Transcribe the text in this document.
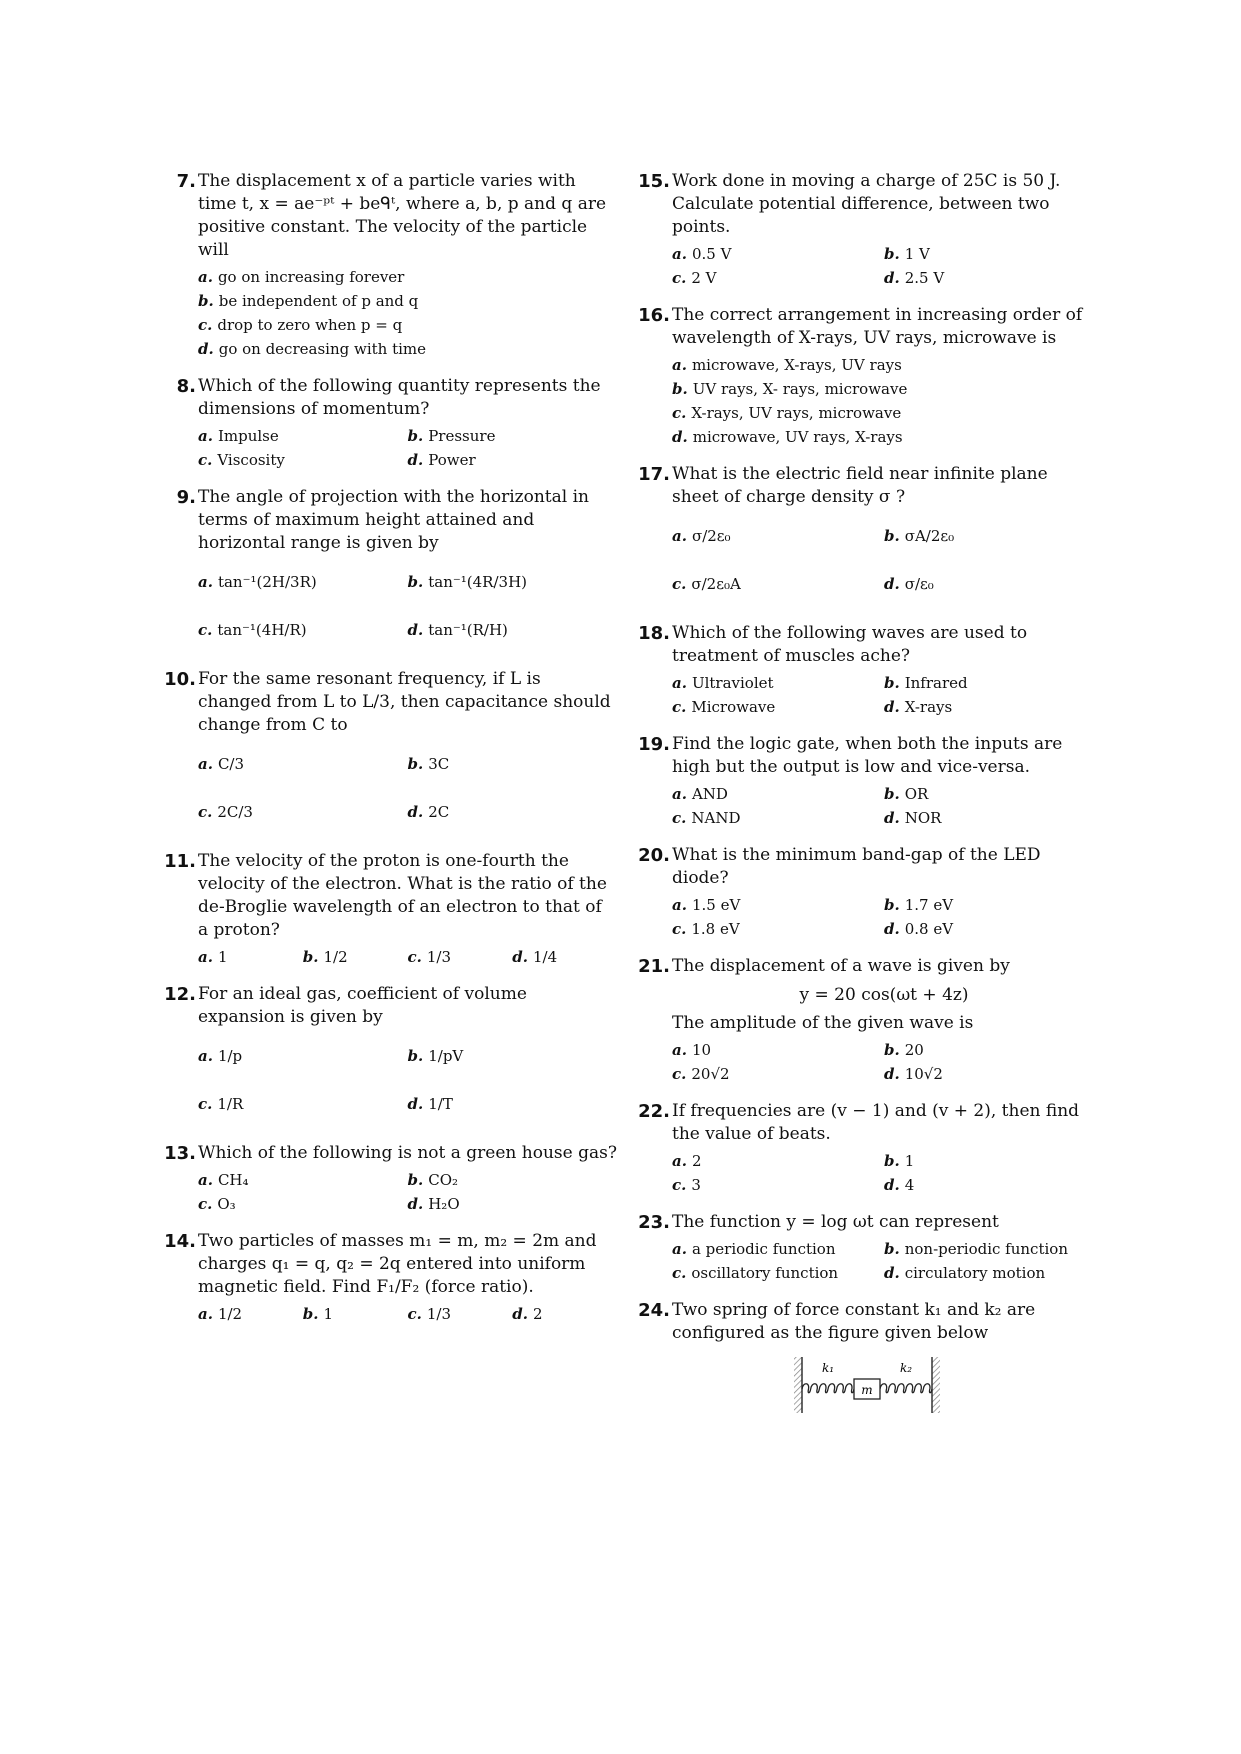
7. The displacement x of a particle varies with time t, x = ae⁻ᵖᵗ + beᑫᵗ, where a, b, p and q are positive constant. The velocity of the particle will
a. go on increasing forever
b. be independent of p and q
c. drop to zero when p = q
d. go on decreasing with time
8. Which of the following quantity represents the dimensions of momentum?
a. Impulse	b. Pressure
c. Viscosity	d. Power
9. The angle of projection with the horizontal in terms of maximum height attained and horizontal range is given by
a. tan⁻¹(2H/3R)	b. tan⁻¹(4R/3H)
c. tan⁻¹(4H/R)	d. tan⁻¹(R/H)
10. For the same resonant frequency, if L is changed from L to L/3, then capacitance should change from C to
a. C/3	b. 3C
c. 2C/3	d. 2C
11. The velocity of the proton is one-fourth the velocity of the electron. What is the ratio of the de-Broglie wavelength of an electron to that of a proton?
a. 1	b. 1/2	c. 1/3	d. 1/4
12. For an ideal gas, coefficient of volume expansion is given by
a. 1/p	b. 1/pV
c. 1/R	d. 1/T
13. Which of the following is not a green house gas?
a. CH₄	b. CO₂
c. O₃	d. H₂O
14. Two particles of masses m₁ = m, m₂ = 2m and charges q₁ = q, q₂ = 2q entered into uniform magnetic field. Find F₁/F₂ (force ratio).
a. 1/2	b. 1	c. 1/3	d. 2
15. Work done in moving a charge of 25C is 50 J. Calculate potential difference, between two points.
a. 0.5 V	b. 1 V
c. 2 V	d. 2.5 V
16. The correct arrangement in increasing order of wavelength of X-rays, UV rays, microwave is
a. microwave, X-rays, UV rays
b. UV rays, X- rays, microwave
c. X-rays, UV rays, microwave
d. microwave, UV rays, X-rays
17. What is the electric field near infinite plane sheet of charge density σ ?
a. σ/2ε₀	b. σA/2ε₀
c. σ/2ε₀A	d. σ/ε₀
18. Which of the following waves are used to treatment of muscles ache?
a. Ultraviolet	b. Infrared
c. Microwave	d. X-rays
19. Find the logic gate, when both the inputs are high but the output is low and vice-versa.
a. AND	b. OR
c. NAND	d. NOR
20. What is the minimum band-gap of the LED diode?
a. 1.5 eV	b. 1.7 eV
c. 1.8 eV	d. 0.8 eV
21. The displacement of a wave is given by
y = 20 cos(ωt + 4z)
The amplitude of the given wave is
a. 10	b. 20
c. 20√2	d. 10√2
22. If frequencies are (v − 1) and (v + 2), then find the value of beats.
a. 2	b. 1
c. 3	d. 4
23. The function y = log ωt can represent
a. a periodic function	b. non-periodic function
c. oscillatory function	d. circulatory motion
24. Two spring of force constant k₁ and k₂ are configured as the figure given below
k₁
m
k₂
